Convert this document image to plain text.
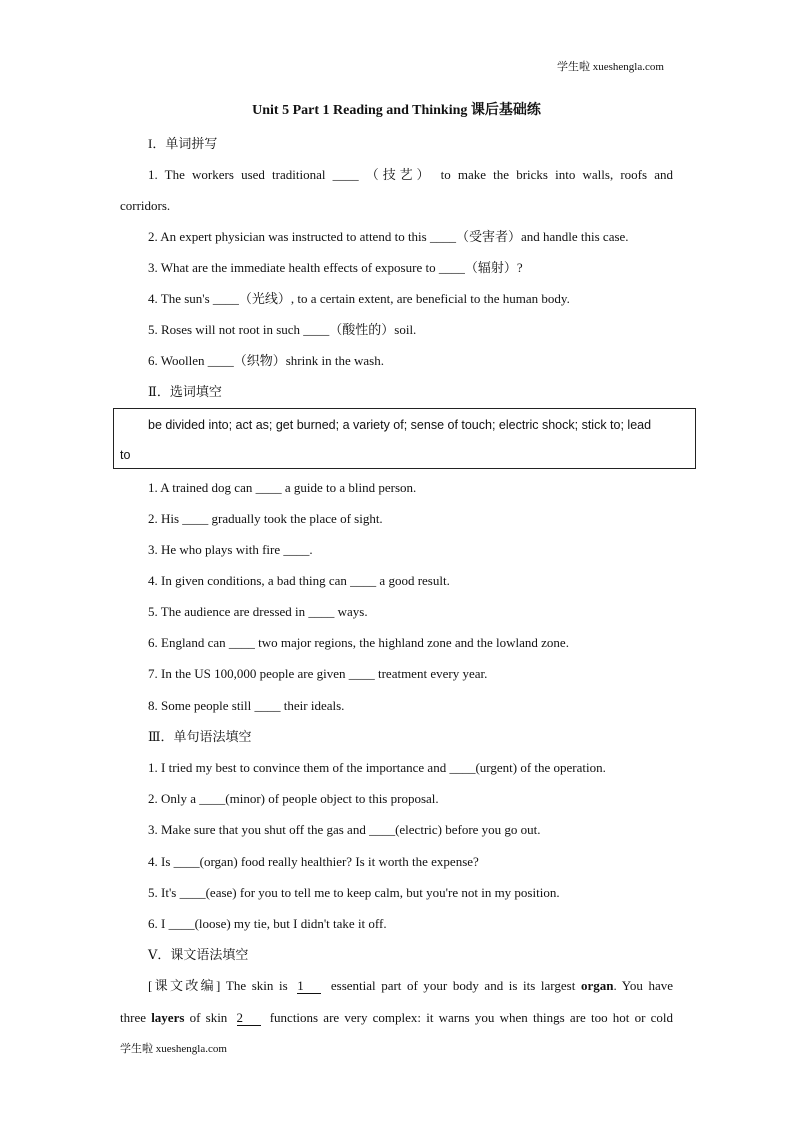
学生啦 xueshengla.com
Unit 5 Part 1 Reading and Thinking 课后基础练
I．单词拼写
1. The workers used traditional ____ （技艺） to make the bricks into walls, roofs and
corridors.
2. An expert physician was instructed to attend to this ____（受害者）and handle this case.
3. What are the immediate health effects of exposure to ____（辐射）?
4. The sun's ____（光线）, to a certain extent, are beneficial to the human body.
5. Roses will not root in such ____（酸性的）soil.
6. Woollen ____（织物）shrink in the wash.
Ⅱ．选词填空
be divided into; act as; get burned; a variety of; sense of touch; electric shock; stick to; lead
to
1. A trained dog can ____ a guide to a blind person.
2. His ____ gradually took the place of sight.
3. He who plays with fire ____.
4. In given conditions, a bad thing can ____ a good result.
5. The audience are dressed in ____ ways.
6. England can ____ two major regions, the highland zone and the lowland zone.
7. In the US 100,000 people are given ____ treatment every year.
8. Some people still ____ their ideals.
Ⅲ．单句语法填空
1. I tried my best to convince them of the importance and ____(urgent) of the operation.
2. Only a ____(minor) of people object to this proposal.
3. Make sure that you shut off the gas and ____(electric) before you go out.
4. Is ____(organ) food really healthier? Is it worth the expense?
5. It's ____(ease) for you to tell me to keep calm, but you're not in my position.
6. I ____(loose) my tie, but I didn't take it off.
Ⅴ．课文语法填空
[课文改编] The skin is 1 essential part of your body and is its largest organ. You have
three layers of skin 2 functions are very complex: it warns you when things are too hot or cold
学生啦 xueshengla.com
